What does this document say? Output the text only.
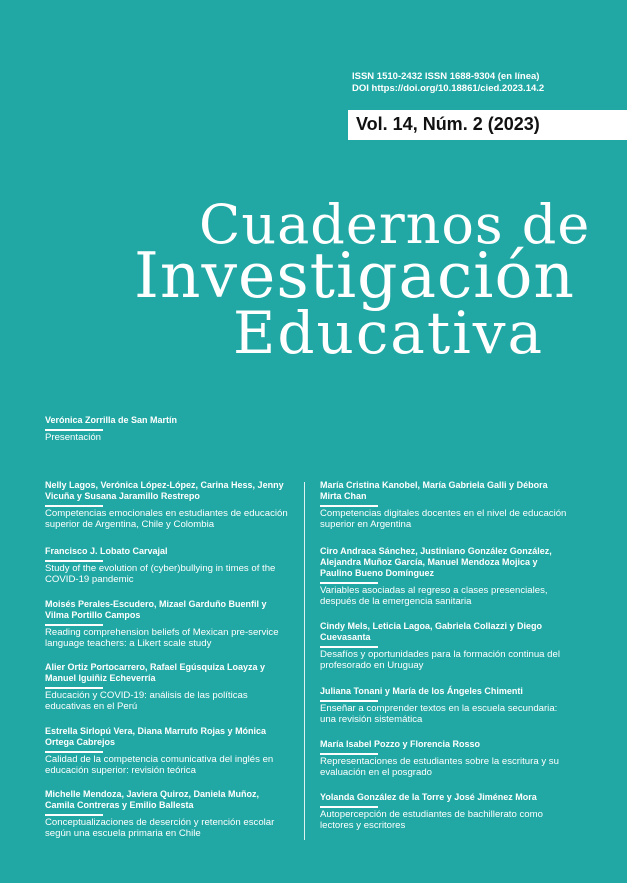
ISSN 1510-2432 ISSN 1688-9304 (en línea)
DOI https://doi.org/10.18861/cied.2023.14.2
Vol. 14, Núm. 2 (2023)
Cuadernos de
Investigación
Educativa
Verónica Zorrilla de San Martín
Presentación
Nelly Lagos, Verónica López-López, Carina Hess, Jenny Vicuña y Susana Jaramillo Restrepo
Competencias emocionales en estudiantes de educación superior de Argentina, Chile y Colombia
Francisco J. Lobato Carvajal
Study of the evolution of (cyber)bullying in times of the COVID-19 pandemic
Moisés Perales-Escudero, Mizael Garduño Buenfil y Vilma Portillo Campos
Reading comprehension beliefs of Mexican pre-service language teachers: a Likert scale study
Alier Ortiz Portocarrero, Rafael Egúsquiza Loayza y Manuel Iguiñiz Echeverría
Educación y COVID-19: análisis de las políticas educativas en el Perú
Estrella Sirlopú Vera, Diana Marrufo Rojas y Mónica Ortega Cabrejos
Calidad de la competencia comunicativa del inglés en educación superior: revisión teórica
Michelle Mendoza, Javiera Quiroz, Daniela Muñoz, Camila Contreras y Emilio Ballesta
Conceptualizaciones de deserción y retención escolar según una escuela primaria en Chile
María Cristina Kanobel, María Gabriela Galli y Débora Mirta Chan
Competencias digitales docentes en el nivel de educación superior en Argentina
Ciro Andraca Sánchez, Justiniano González González, Alejandra Muñoz García, Manuel Mendoza Mojica y Paulino Bueno Domínguez
Variables asociadas al regreso a clases presenciales, después de la emergencia sanitaria
Cindy Mels, Leticia Lagoa, Gabriela Collazzi y Diego Cuevasanta
Desafíos y oportunidades para la formación continua del profesorado en Uruguay
Juliana Tonani y María de los Ángeles Chimenti
Enseñar a comprender textos en la escuela secundaria: una revisión sistemática
María Isabel Pozzo y Florencia Rosso
Representaciones de estudiantes sobre la escritura y su evaluación en el posgrado
Yolanda González de la Torre y José Jiménez Mora
Autopercepción de estudiantes de bachillerato como lectores y escritores
